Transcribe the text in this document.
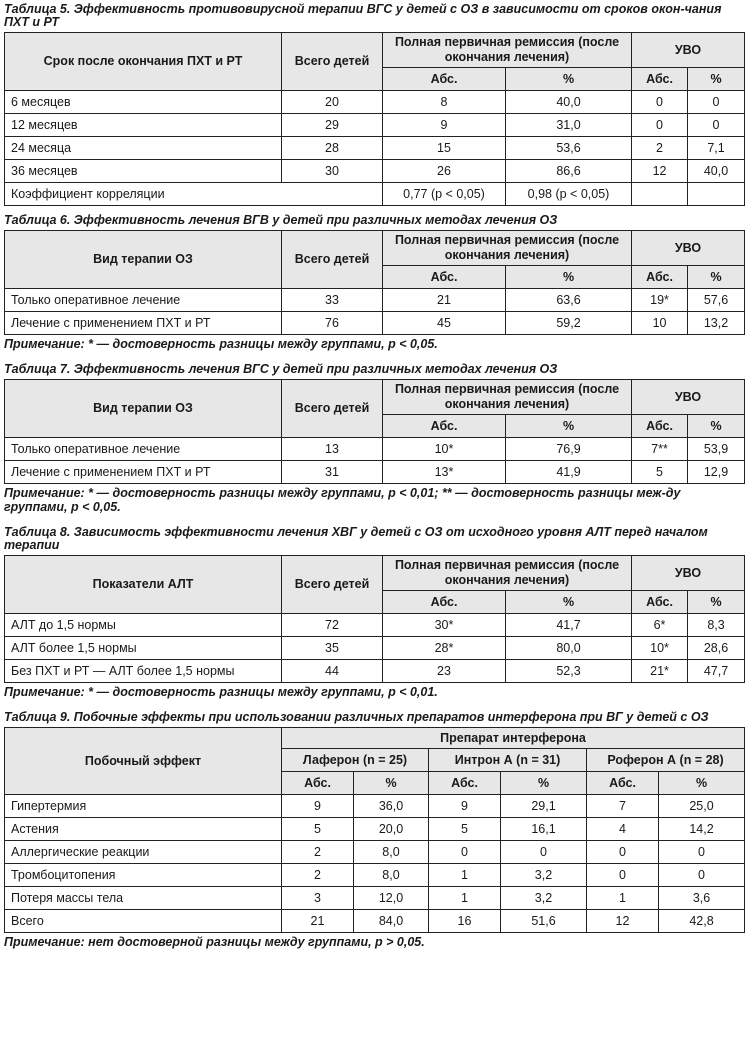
Таблица 5. Эффективность противовирусной терапии ВГС у детей с ОЗ в зависимости от сроков окон-чания ПХТ и РТ
Срок после окончания ПХТ и РТ	Всего детей	Полная первичная ремиссия (после окончания лечения)		УВО	
		Абс.	%	Абс.	%
6 месяцев	20	8	40,0	0	0
12 месяцев	29	9	31,0	0	0
24 месяца	28	15	53,6	2	7,1
36 месяцев	30	26	86,6	12	40,0
Коэффициент корреляции		0,77 (p < 0,05)	0,98 (p < 0,05)		
Таблица 6. Эффективность лечения ВГВ у детей при различных методах лечения ОЗ
Вид терапии ОЗ	Всего детей	Полная первичная ремиссия (после окончания лечения)		УВО	
		Абс.	%	Абс.	%
Только оперативное лечение	33	21	63,6	19*	57,6
Лечение с применением ПХТ и РТ	76	45	59,2	10	13,2
Примечание: * — достоверность разницы между группами, p < 0,05.
Таблица 7. Эффективность лечения ВГС у детей при различных методах лечения ОЗ
Вид терапии ОЗ	Всего детей	Полная первичная ремиссия (после окончания лечения)		УВО	
		Абс.	%	Абс.	%
Только оперативное лечение	13	10*	76,9	7**	53,9
Лечение с применением ПХТ и РТ	31	13*	41,9	5	12,9
Примечание: * — достоверность разницы между группами, p < 0,01; ** — достоверность разницы меж-ду группами, p < 0,05.
Таблица 8. Зависимость эффективности лечения ХВГ у детей с ОЗ от исходного уровня АЛТ перед началом терапии
Показатели АЛТ	Всего детей	Полная первичная ремиссия (после окончания лечения)		УВО	
		Абс.	%	Абс.	%
АЛТ до 1,5 нормы	72	30*	41,7	6*	8,3
АЛТ более 1,5 нормы	35	28*	80,0	10*	28,6
Без ПХТ и РТ — АЛТ более 1,5 нормы	44	23	52,3	21*	47,7
Примечание: * — достоверность разницы между группами, p < 0,01.
Таблица 9. Побочные эффекты при использовании различных препаратов интерферона при ВГ у детей с ОЗ
Побочный эффект	Препарат интерферона					
	Лаферон (n = 25)		Интрон А (n = 31)		Роферон А (n = 28)	
	Абс.	%	Абс.	%	Абс.	%
Гипертермия	9	36,0	9	29,1	7	25,0
Астения	5	20,0	5	16,1	4	14,2
Аллергические реакции	2	8,0	0	0	0	0
Тромбоцитопения	2	8,0	1	3,2	0	0
Потеря массы тела	3	12,0	1	3,2	1	3,6
Всего	21	84,0	16	51,6	12	42,8
Примечание: нет достоверной разницы между группами, p > 0,05.
